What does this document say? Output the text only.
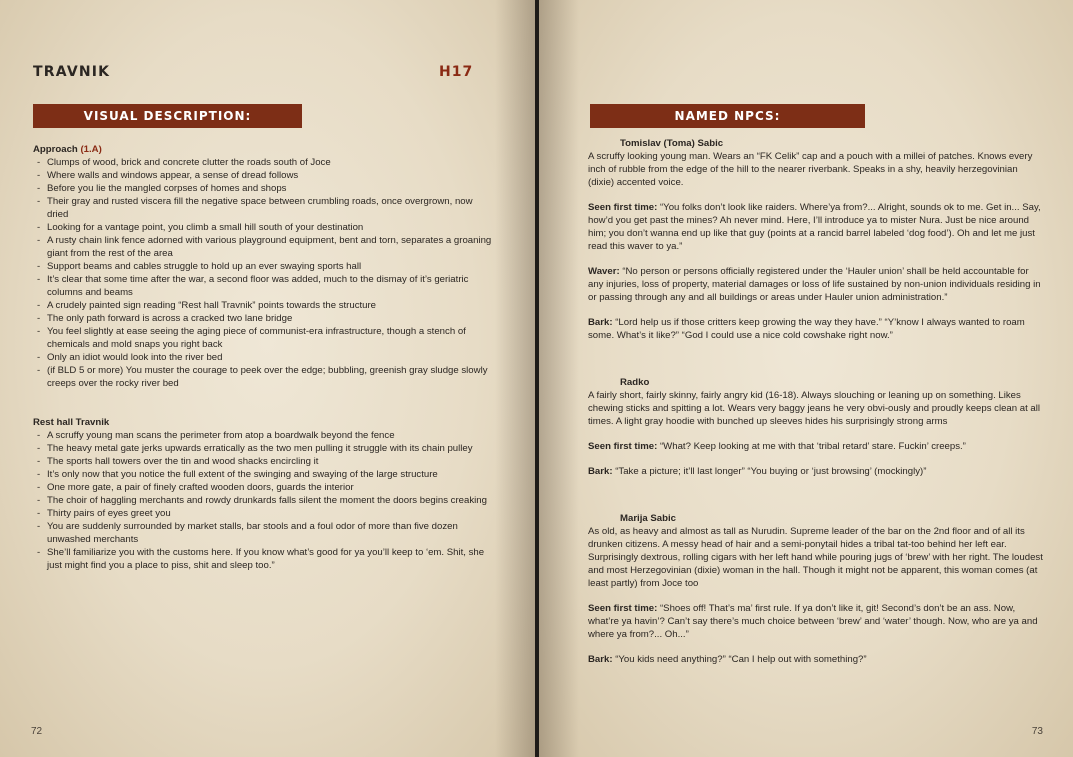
TRAVNIK	H17
VISUAL DESCRIPTION:
Approach (1.A)
- Clumps of wood, brick and concrete clutter the roads south of Joce
- Where walls and windows appear, a sense of dread follows
- Before you lie the mangled corpses of homes and shops
- Their gray and rusted viscera fill the negative space between crumbling roads, once overgrown, now dried
- Looking for a vantage point, you climb a small hill south of your destination
- A rusty chain link fence adorned with various playground equipment, bent and torn, separates a groaning giant from the rest of the area
- Support beams and cables struggle to hold up an ever swaying sports hall
- It’s clear that some time after the war, a second floor was added, much to the dismay of it’s geriatric columns and beams
- A crudely painted sign reading “Rest hall Travnik” points towards the structure
- The only path forward is across a cracked two lane bridge
- You feel slightly at ease seeing the aging piece of communist-era infrastructure, though a stench of chemicals and mold snaps you right back
- Only an idiot would look into the river bed
- (if BLD 5 or more) You muster the courage to peek over the edge; bubbling, greenish gray sludge slowly creeps over the rocky river bed
Rest hall Travnik
- A scruffy young man scans the perimeter from atop a boardwalk beyond the fence
- The heavy metal gate jerks upwards erratically as the two men pulling it struggle with its chain pulley
- The sports hall towers over the tin and wood shacks encircling it
- It’s only now that you notice the full extent of the swinging and swaying of the large structure
- One more gate, a pair of finely crafted wooden doors, guards the interior
- The choir of haggling merchants and rowdy drunkards falls silent the moment the doors begins creaking
- Thirty pairs of eyes greet you
- You are suddenly surrounded by market stalls, bar stools and a foul odor of more than five dozen unwashed merchants
- She’ll familiarize you with the customs here. If you know what’s good for ya you’ll keep to ‘em. Shit, she just might find you a place to piss, shit and sleep too.”
72
NAMED NPCS:
Tomislav (Toma) Sabic

A scruffy looking young man. Wears an “FK Celik” cap and a pouch with a millei of patches. Knows every inch of rubble from the edge of the hill to the nearer riverbank. Speaks in a shy, heavily herzegovinian (dixie) accented voice.

Seen first time: “You folks don’t look like raiders. Where’ya from?... Alright, sounds ok to me. Get in... Say, how’d you get past the mines? Ah never mind. Here, I’ll introduce ya to mister Nura. Just be nice around him; you don’t wanna end up like that guy (points at a rancid barrel labeled ‘dog food’). Oh and let me just read this waver to ya.”

Waver: “No person or persons officially registered under the ‘Hauler union’ shall be held accountable for any injuries, loss of property, material damages or loss of life sustained by non-union individuals residing in or passing through any and all buildings or areas under Hauler union administration.”

Bark: “Lord help us if those critters keep growing the way they have.” “Y’know I always wanted to roam some. What’s it like?” “God I could use a nice cold cowshake right now.”

Radko

A fairly short, fairly skinny, fairly angry kid (16-18). Always slouching or leaning up on something. Likes chewing sticks and spitting a lot. Wears very baggy jeans he very obvi-ously and proudly keeps clean at all times. A light gray hoodie with bunched up sleeves hides his surprisingly strong arms

Seen first time: “What? Keep looking at me with that ‘tribal retard’ stare. Fuckin’ creeps.”

Bark: “Take a picture; it’ll last longer” “You buying or ‘just browsing’ (mockingly)”

Marija Sabic

As old, as heavy and almost as tall as Nurudin. Supreme leader of the bar on the 2nd floor and of all its drunken citizens. A messy head of hair and a semi-ponytail hides a tribal tat-too behind her left ear. Surprisingly dextrous, rolling cigars with her left hand while pouring jugs of ‘brew’ with her right. The loudest and most Herzegovinian (dixie) woman in the hall. Though it might not be apparent, this woman comes (at least partly) from Joce too

Seen first time: “Shoes off! That’s ma’ first rule. If ya don’t like it, git! Second’s don’t be an ass. Now, what’re ya havin’? Can’t say there’s much choice between ‘brew’ and ‘water’ though. Now, who are ya and where ya from?... Oh...”

Bark: “You kids need anything?” “Can I help out with something?”

73
